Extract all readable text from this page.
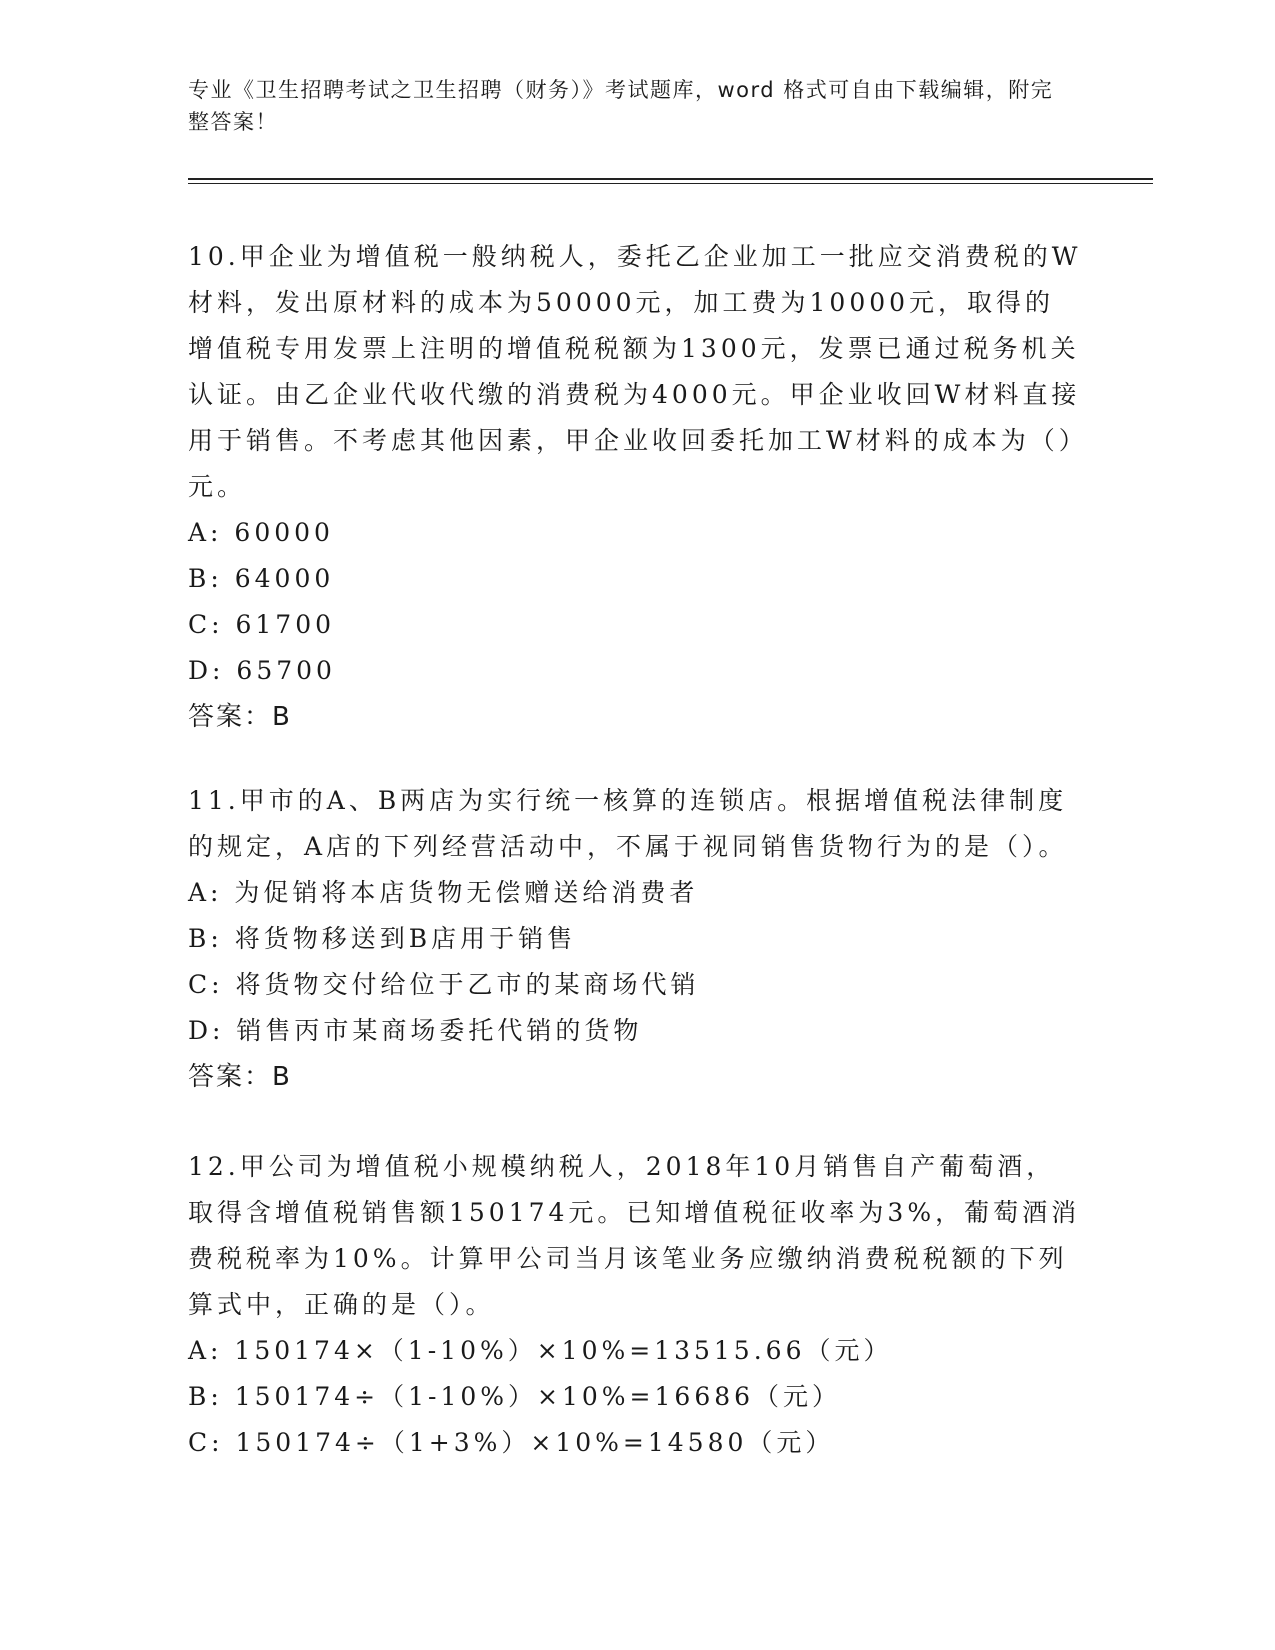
专业《卫生招聘考试之卫生招聘（财务）》考试题库，word 格式可自由下载编辑，附完整答案！

10.甲企业为增值税一般纳税人，委托乙企业加工一批应交消费税的W材料，发出原材料的成本为50000元，加工费为10000元，取得的增值税专用发票上注明的增值税税额为1300元，发票已通过税务机关认证。由乙企业代收代缴的消费税为4000元。甲企业收回W材料直接用于销售。不考虑其他因素，甲企业收回委托加工W材料的成本为（）元。

A: 60000

B: 64000

C: 61700

D: 65700

答案：B

11.甲市的A、B两店为实行统一核算的连锁店。根据增值税法律制度的规定，A店的下列经营活动中，不属于视同销售货物行为的是（）。

A: 为促销将本店货物无偿赠送给消费者

B: 将货物移送到B店用于销售

C: 将货物交付给位于乙市的某商场代销

D: 销售丙市某商场委托代销的货物

答案：B

12.甲公司为增值税小规模纳税人，2018年10月销售自产葡萄酒，取得含增值税销售额150174元。已知增值税征收率为3%，葡萄酒消费税税率为10%。计算甲公司当月该笔业务应缴纳消费税税额的下列算式中，正确的是（）。

A: 150174×（1-10%）×10%=13515.66（元）

B: 150174÷（1-10%）×10%=16686（元）

C: 150174÷（1+3%）×10%=14580（元）
